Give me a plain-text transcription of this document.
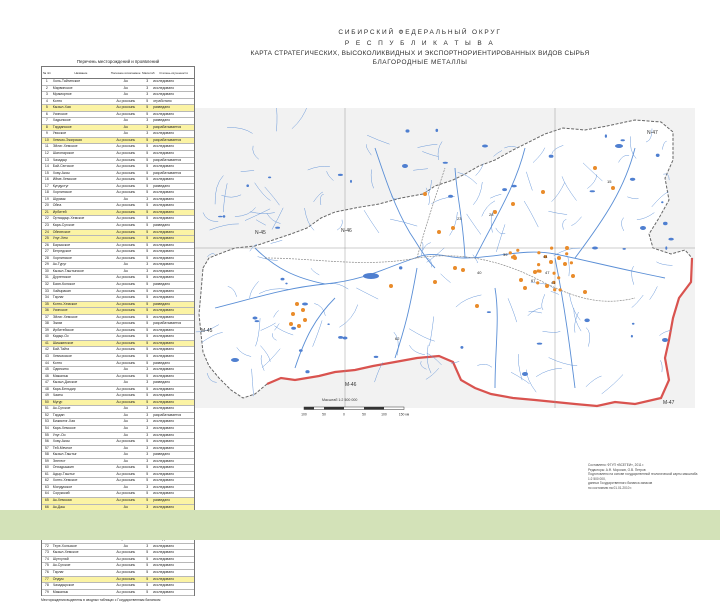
СИБИРСКИЙ ФЕДЕРАЛЬНЫЙ ОКРУГ
Р Е С П У Б Л И К А Т Ы В А
КАРТА СТРАТЕГИЧЕСКИХ, ВЫСОКОЛИКВИДНЫХ И ЭКСПОРТНОРИЕНТИРОВАННЫХ ВИДОВ СЫРЬЯ
БЛАГОРОДНЫЕ МЕТАЛЛЫ
Перечень месторождений и проявлений
№ п/п	Название	Полезное ископаемое Масштаб	Степень изученности
1	Холь-Тайгинское	Au	3	исследовано
2	Марвинское	Au	3	исследовано
3	Мраморное	Au	3	исследовано
4	Копто	Au россыпь	5	отработано
5	Кызыл-Хая	Au россыпь	5	разведано
6	Усинское	Au россыпь	5	исследовано
7	Хадынское	Au	3	разведано
8	Тарданское	Au	3	разрабатывается
9	Уюкское	Au	3	исследовано
10	Хемчик-Эжирская	Au россыпь	5	разрабатывается
11	Эйлиг-Хемское	Au россыпь	5	исследовано
12	Шагонарское	Au россыпь	5	исследовано
13	Чазадыр	Au россыпь	5	разрабатывается
14	Бай-Сютское	Au россыпь	5	исследовано
15	Хову-Аксы	Au россыпь	5	разрабатывается
16	Ийме-Хемское	Au россыпь	5	исследовано
17	Кундустуг	Au россыпь	5	разведано
18	Хорлинское	Au россыпь	5	исследовано
19	Шурмак	Au	3	исследовано
20	Ойна	Au россыпь	5	исследовано
21	Ирбитей	Au россыпь	5	исследовано
22	Ортаадыр-Хемское	Au россыпь	5	исследовано
23	Кара-Сугское	Au россыпь	5	разведано
24	Ойнинское	Au россыпь	5	исследовано
25	Улуг-Хем	Au россыпь	5	исследовано
26	Барыкское	Au россыпь	5	исследовано
27	Бегредское	Au россыпь	5	исследовано
28	Хорлинское	Au россыпь	5	исследовано
29	Ак-Туруг	Au	3	исследовано
30	Кызыл-Таштыгское	Au	3	исследовано
31	Дургенское	Au россыпь	5	исследовано
32	Баян-Колское	Au россыпь	5	разведано
33	Хайыракан	Au россыпь	5	исследовано
34	Тарлаг	Au россыпь	5	исследовано
35	Копто-Хемское	Au россыпь	5	разведано
36	Усинское	Au россыпь	5	исследовано
37	Эйлиг-Хемское	Au россыпь	5	исследовано
38	Эжим	Au россыпь	5	разрабатывается
39	Ирбитейское	Au россыпь	5	исследовано
40	Кадыр-Ос	Au россыпь	5	исследовано
41	Шишкинское	Au россыпь	5	исследовано
42	Бай-Тайга	Au россыпь	5	исследовано
43	Хемчикское	Au россыпь	5	исследовано
44	Копто	Au россыпь	5	разведано
45	Одинкино	Au	3	исследовано
46	Мажалык	Au россыпь	5	исследовано
47	Кызыл-Дагское	Au	3	разведано
48	Кара-Бельдир	Au россыпь	5	исследовано
49	Чааты	Au россыпь	5	исследовано
50	Мугур	Au россыпь	5	исследовано
51	Ак-Сугское	Au	3	исследовано
52	Тардан	Au	3	разрабатывается
53	Бижиктиг-Хая	Au	3	исследовано
54	Кара-Хемское	Au	3	исследовано
55	Улуг-Оо	Au	3	исследовано
56	Хову-Аксы	Au россыпь	5	исследовано
57	Тей-Мечное	Au	3	исследовано
58	Кызыл-Таштыг	Au	3	разведано
59	Элегест	Au	3	исследовано
60	Онхадышкин	Au россыпь	5	исследовано
61	Адыр-Таштыг	Au россыпь	5	исследовано
62	Хопто-Хемское	Au россыпь	5	исследовано
63	Мондукское	Au	3	исследовано
64	Сорукский	Au россыпь	5	исследовано
65	Ак-Хемская	Au россыпь	5	разведано
66	Ак-Даш	Au	3	исследовано
72	Тере-Хольское	Au	3	исследовано
73	Кызыл-Хемское	Au россыпь	5	исследовано
74	Шутхулай	Au россыпь	5	исследовано
75	Ак-Сугское	Au россыпь	5	исследовано
76	Тарлаг	Au россыпь	5	исследовано
77	Ондум	Au россыпь	5	исследовано
78	Чазадырское	Au россыпь	5	исследовано
79	Мажалык	Au россыпь	5	исследовано
Месторождения выделены в сводных таблицах с Государственным балансом
N-45	N-46
N-47
M-45
M-46
M-47
15
23
40
44
47
67	41
39
28
62
Масштаб 1:2 500 000
100	50	0	50	100	150 км
Составлено: ФГУП «ВСЕГЕИ», 2011 г.
Редакторы: А.Ф. Морозов, О.В. Петров
Подготовлено на основе государственной геологической карты масштаба 1:2 500 000,
данных Государственного баланса запасов
по состоянию на 01.01.2010 г.
